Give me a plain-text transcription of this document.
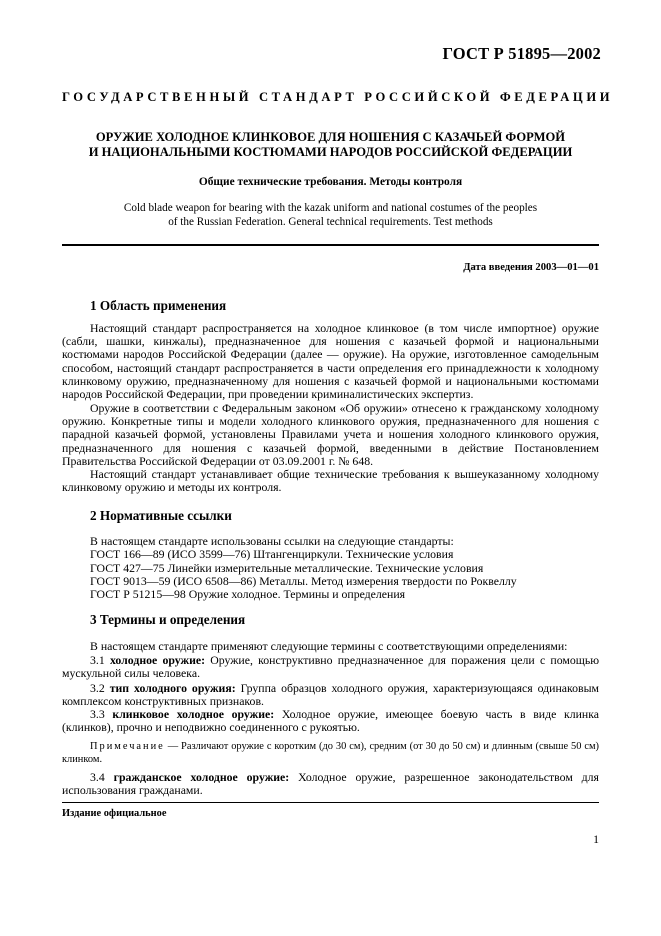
ГОСТ Р 51895—2002
ГОСУДАРСТВЕННЫЙ СТАНДАРТ РОССИЙСКОЙ ФЕДЕРАЦИИ
ОРУЖИЕ ХОЛОДНОЕ КЛИНКОВОЕ ДЛЯ НОШЕНИЯ С КАЗАЧЬЕЙ ФОРМОЙ
И НАЦИОНАЛЬНЫМИ КОСТЮМАМИ НАРОДОВ РОССИЙСКОЙ ФЕДЕРАЦИИ
Общие технические требования. Методы контроля
Cold blade weapon for bearing with the kazak uniform and national costumes of the peoples
of the Russian Federation. General technical requirements. Test methods
Дата введения 2003—01—01
1 Область применения
Настоящий стандарт распространяется на холодное клинковое (в том числе импортное) оружие (сабли, шашки, кинжалы), предназначенное для ношения с казачьей формой и национальными костюмами народов Российской Федерации (далее — оружие). На оружие, изготовленное самодельным способом, настоящий стандарт распространяется в части определения его принадлежности к холодному клинковому оружию, предназначенному для ношения с казачьей формой и национальными костюмами народов Российской Федерации, при проведении криминалистических экспертиз.
Оружие в соответствии с Федеральным законом «Об оружии» отнесено к гражданскому холодному оружию. Конкретные типы и модели холодного клинкового оружия, предназначенного для ношения с парадной казачьей формой, установлены Правилами учета и ношения холодного клинкового оружия, предназначенного для ношения с казачьей формой, введенными в действие Постановлением Правительства Российской Федерации от 03.09.2001 г. № 648.
Настоящий стандарт устанавливает общие технические требования к вышеуказанному холодному клинковому оружию и методы их контроля.
2 Нормативные ссылки
В настоящем стандарте использованы ссылки на следующие стандарты:
ГОСТ 166—89 (ИСО 3599—76) Штангенциркули. Технические условия
ГОСТ 427—75 Линейки измерительные металлические. Технические условия
ГОСТ 9013—59 (ИСО 6508—86) Металлы. Метод измерения твердости по Роквеллу
ГОСТ Р 51215—98 Оружие холодное. Термины и определения
3 Термины и определения
В настоящем стандарте применяют следующие термины с соответствующими определениями:
3.1 холодное оружие: Оружие, конструктивно предназначенное для поражения цели с помощью мускульной силы человека.
3.2 тип холодного оружия: Группа образцов холодного оружия, характеризующаяся одинаковым комплексом конструктивных признаков.
3.3 клинковое холодное оружие: Холодное оружие, имеющее боевую часть в виде клинка (клинков), прочно и неподвижно соединенного с рукоятью.
Примечание — Различают оружие с коротким (до 30 см), средним (от 30 до 50 см) и длинным (свыше 50 см) клинком.
3.4 гражданское холодное оружие: Холодное оружие, разрешенное законодательством для использования гражданами.
Издание официальное
1
